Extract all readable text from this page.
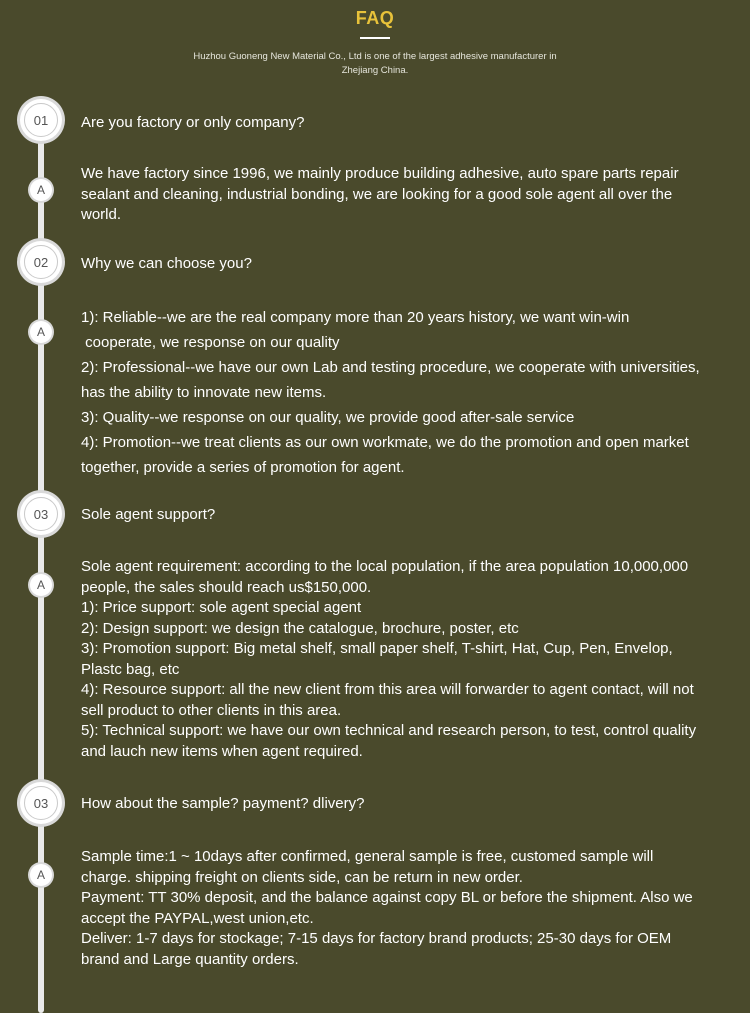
FAQ
Huzhou Guoneng New Material Co., Ltd is one of the largest adhesive manufacturer in
Zhejiang China.
01	Are you factory or only company?
A

We have factory since 1996, we mainly produce building adhesive, auto spare parts repair

sealant and cleaning, industrial bonding, we are looking for a good sole agent all over the

world.

02	Why we can choose you?
A

1): Reliable--we are the real company more than 20 years history, we want win-win

cooperate, we response on our quality

2): Professional--we have our own Lab and testing procedure, we cooperate with universities,

has the ability to innovate new items.

3): Quality--we response on our quality, we provide good after-sale service

4): Promotion--we treat clients as our own workmate, we do the promotion and open market

together, provide a series of promotion for agent.

03	Sole agent support?
A

Sole agent requirement: according to the local population, if the area population 10,000,000

people, the sales should reach us$150,000.

1): Price support: sole agent special agent

2): Design support: we design the catalogue, brochure, poster, etc

3): Promotion support: Big metal shelf, small paper shelf, T-shirt, Hat, Cup, Pen, Envelop,

Plastc bag, etc

4): Resource support: all the new client from this area will forwarder to agent contact, will not

sell product to other clients in this area.

5): Technical support: we have our own technical and research person, to test, control quality

and lauch new items when agent required.

03	How about the sample? payment? dlivery?
A

Sample time:1 ~ 10days after confirmed, general sample is free, customed sample will

charge. shipping freight on clients side, can be return in new order.

Payment: TT 30% deposit, and the balance against copy BL or before the shipment. Also we

accept the PAYPAL,west union,etc.

Deliver: 1-7 days for stockage; 7-15 days for factory brand products; 25-30 days for OEM

brand and Large quantity orders.
